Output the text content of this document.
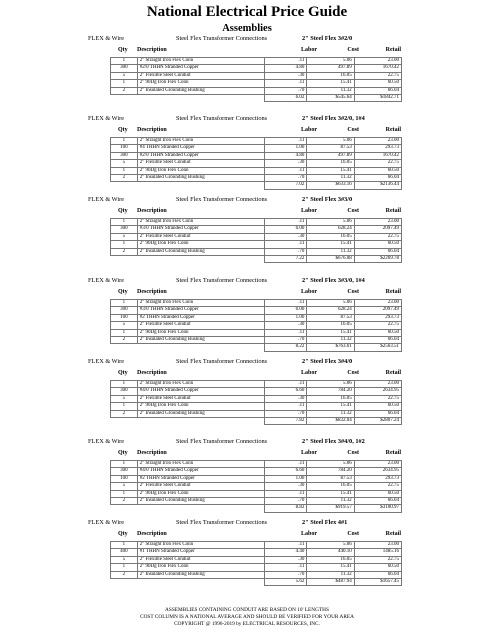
National Electrical Price Guide
Assemblies
FLEX & Wire	Steel Flex Transformer Connections	2" Steel Flex 3#2/0
Qty Description	Labor	Cost	Retail
1	2" Straight Iron Flex Conn	.11	5.06	23.00
300	#2/0 THHN Stranded Copper	4.80	497.89	1670.42
5	2" Flexible Steel Conduit	.30	16.05	22.75
1	2" 90Dg Iron Flex Conn	.11	15.41	60.50
2	2" Insulated Grounding Bushing	.70	11.32	66.04
		6.02	$545.64	$1842.71
FLEX & Wire	Steel Flex Transformer Connections	2" Steel Flex 3#2/0, 1#4
Qty Description	Labor	Cost	Retail
1	2" Straight Iron Flex Conn	.11	5.06	23.00
100	#4 THHN Stranded Copper	1.00	87.53	293.73
300	#2/0 THHN Stranded Copper	4.80	497.89	1670.42
5	2" Flexible Steel Conduit	.30	16.05	22.75
1	2" 90Dg Iron Flex Conn	.11	15.41	60.50
2	2" Insulated Grounding Bushing	.70	11.32	66.04
		7.02	$633.16	$2136.44
FLEX & Wire	Steel Flex Transformer Connections	2" Steel Flex 3#3/0
Qty Description	Labor	Cost	Retail
1	2" Straight Iron Flex Conn	.11	5.06	23.00
300	#3/0 THHN Stranded Copper	6.00	628.24	2097.49
5	2" Flexible Steel Conduit	.30	16.05	22.75
1	2" 90Dg Iron Flex Conn	.11	15.41	60.50
2	2" Insulated Grounding Bushing	.70	11.32	66.04
		7.22	$676.08	$2269.78
FLEX & Wire	Steel Flex Transformer Connections	2" Steel Flex 3#3/0, 1#4
Qty Description	Labor	Cost	Retail
1	2" Straight Iron Flex Conn	.11	5.06	23.00
300	#3/0 THHN Stranded Copper	6.00	628.24	2097.49
100	#2 THHN Stranded Copper	1.00	87.53	293.73
5	2" Flexible Steel Conduit	.30	16.05	22.75
1	2" 90Dg Iron Flex Conn	.11	15.41	60.50
2	2" Insulated Grounding Bushing	.70	11.32	66.04
		8.22	$763.61	$2563.51
FLEX & Wire	Steel Flex Transformer Connections	2" Steel Flex 3#4/0
Qty Description	Labor	Cost	Retail
1	2" Straight Iron Flex Conn	.11	5.06	23.00
300	#4/0 THHN Stranded Copper	6.60	784.20	2634.95
5	2" Flexible Steel Conduit	.30	16.05	22.75
1	2" 90Dg Iron Flex Conn	.11	15.41	60.50
2	2" Insulated Grounding Bushing	.70	11.32	66.04
		7.82	$832.04	$2807.24
FLEX & Wire	Steel Flex Transformer Connections	2" Steel Flex 3#4/0, 1#2
Qty Description	Labor	Cost	Retail
1	2" Straight Iron Flex Conn	.11	5.06	23.00
300	#4/0 THHN Stranded Copper	6.60	784.20	2634.95
100	#2 THHN Stranded Copper	1.00	87.53	293.73
5	2" Flexible Steel Conduit	.30	16.05	22.75
1	2" 90Dg Iron Flex Conn	.11	15.41	60.50
2	2" Insulated Grounding Bushing	.70	11.32	66.04
		8.82	$919.57	$3100.97
FLEX & Wire	Steel Flex Transformer Connections	2" Steel Flex 4#1
Qty Description	Labor	Cost	Retail
1	2" Straight Iron Flex Conn	.11	5.06	23.00
400	#1 THHN Stranded Copper	4.40	440.10	1485.16
5	2" Flexible Steel Conduit	.30	16.05	22.75
1	2" 90Dg Iron Flex Conn	.11	15.41	60.50
2	2" Insulated Grounding Bushing	.70	11.32	66.04
		5.62	$487.94	$1657.45
ASSEMBLIES CONTAINING CONDUIT ARE BASED ON 10' LENGTHS
COST COLUMN IS A NATIONAL AVERAGE AND SHOULD BE VERIFIED FOR YOUR AREA
COPYRIGHT @ 1996-2019 by ELECTRICAL RESOURCES, INC.
